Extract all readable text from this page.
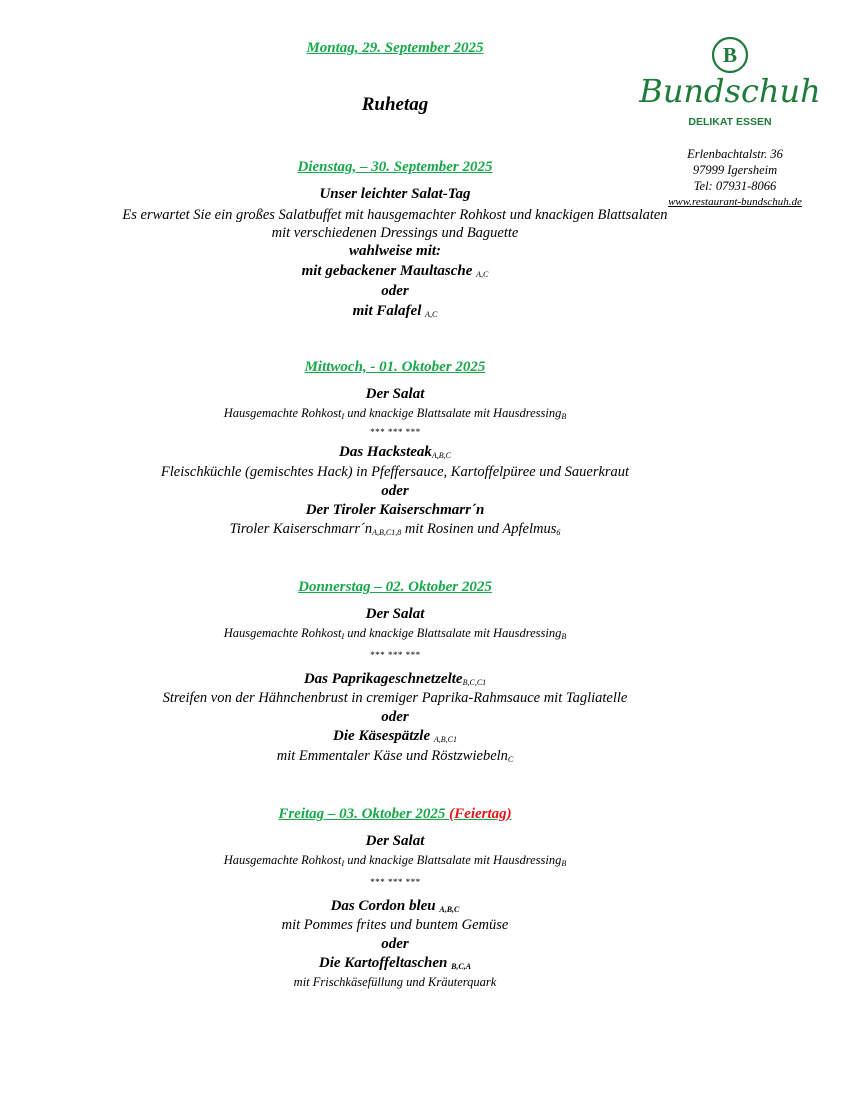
B
Bundschuh
DELIKAT ESSEN
Erlenbachtalstr. 36
97999 Igersheim
Tel: 07931-8066
www.restaurant-bundschuh.de
Montag, 29. September 2025
Ruhetag
Dienstag, – 30. September 2025
Unser leichter Salat-Tag
Es erwartet Sie ein großes Salatbuffet mit hausgemachter Rohkost und knackigen Blattsalaten
mit verschiedenen Dressings und Baguette
wahlweise mit:
mit gebackener Maultasche $_{A,C}$
oder
mit Falafel $_{A,C}$
Mittwoch, - 01. Oktober 2025
Der Salat
Hausgemachte Rohkost$_I$ und knackige Blattsalate mit Hausdressing$_B$
*** *** ***
Das Hacksteak$_{A,B,C}$
Fleischküchle (gemischtes Hack) in Pfeffersauce, Kartoffelpüree und Sauerkraut
oder
Der Tiroler Kaiserschmarr´n
Tiroler $Kaiserschmarr´n_{A,B,C1,8}$ mit Rosinen und Apfelmus$_6$
Donnerstag – 02. Oktober 2025
Der Salat
Hausgemachte Rohkost$_I$ und knackige Blattsalate mit Hausdressing$_B$
*** *** ***
Das Paprikageschnetzelte$_{B,C,C1}$
Streifen von der Hähnchenbrust in cremiger Paprika-Rahmsauce mit Tagliatelle
oder
Die Käsespätzle $_{A,B,C1}$
mit Emmentaler Käse und Röstzwiebeln$_C$
Freitag – 03. Oktober 2025 (Feiertag)
Der Salat
Hausgemachte Rohkost$_I$ und knackige Blattsalate mit Hausdressing$_B$
*** *** ***
Das Cordon bleu $_{A,B,C}$
mit Pommes frites und buntem Gemüse
oder
Die Kartoffeltaschen $_{B,C,A}$
mit Frischkäsefüllung und Kräuterquark
